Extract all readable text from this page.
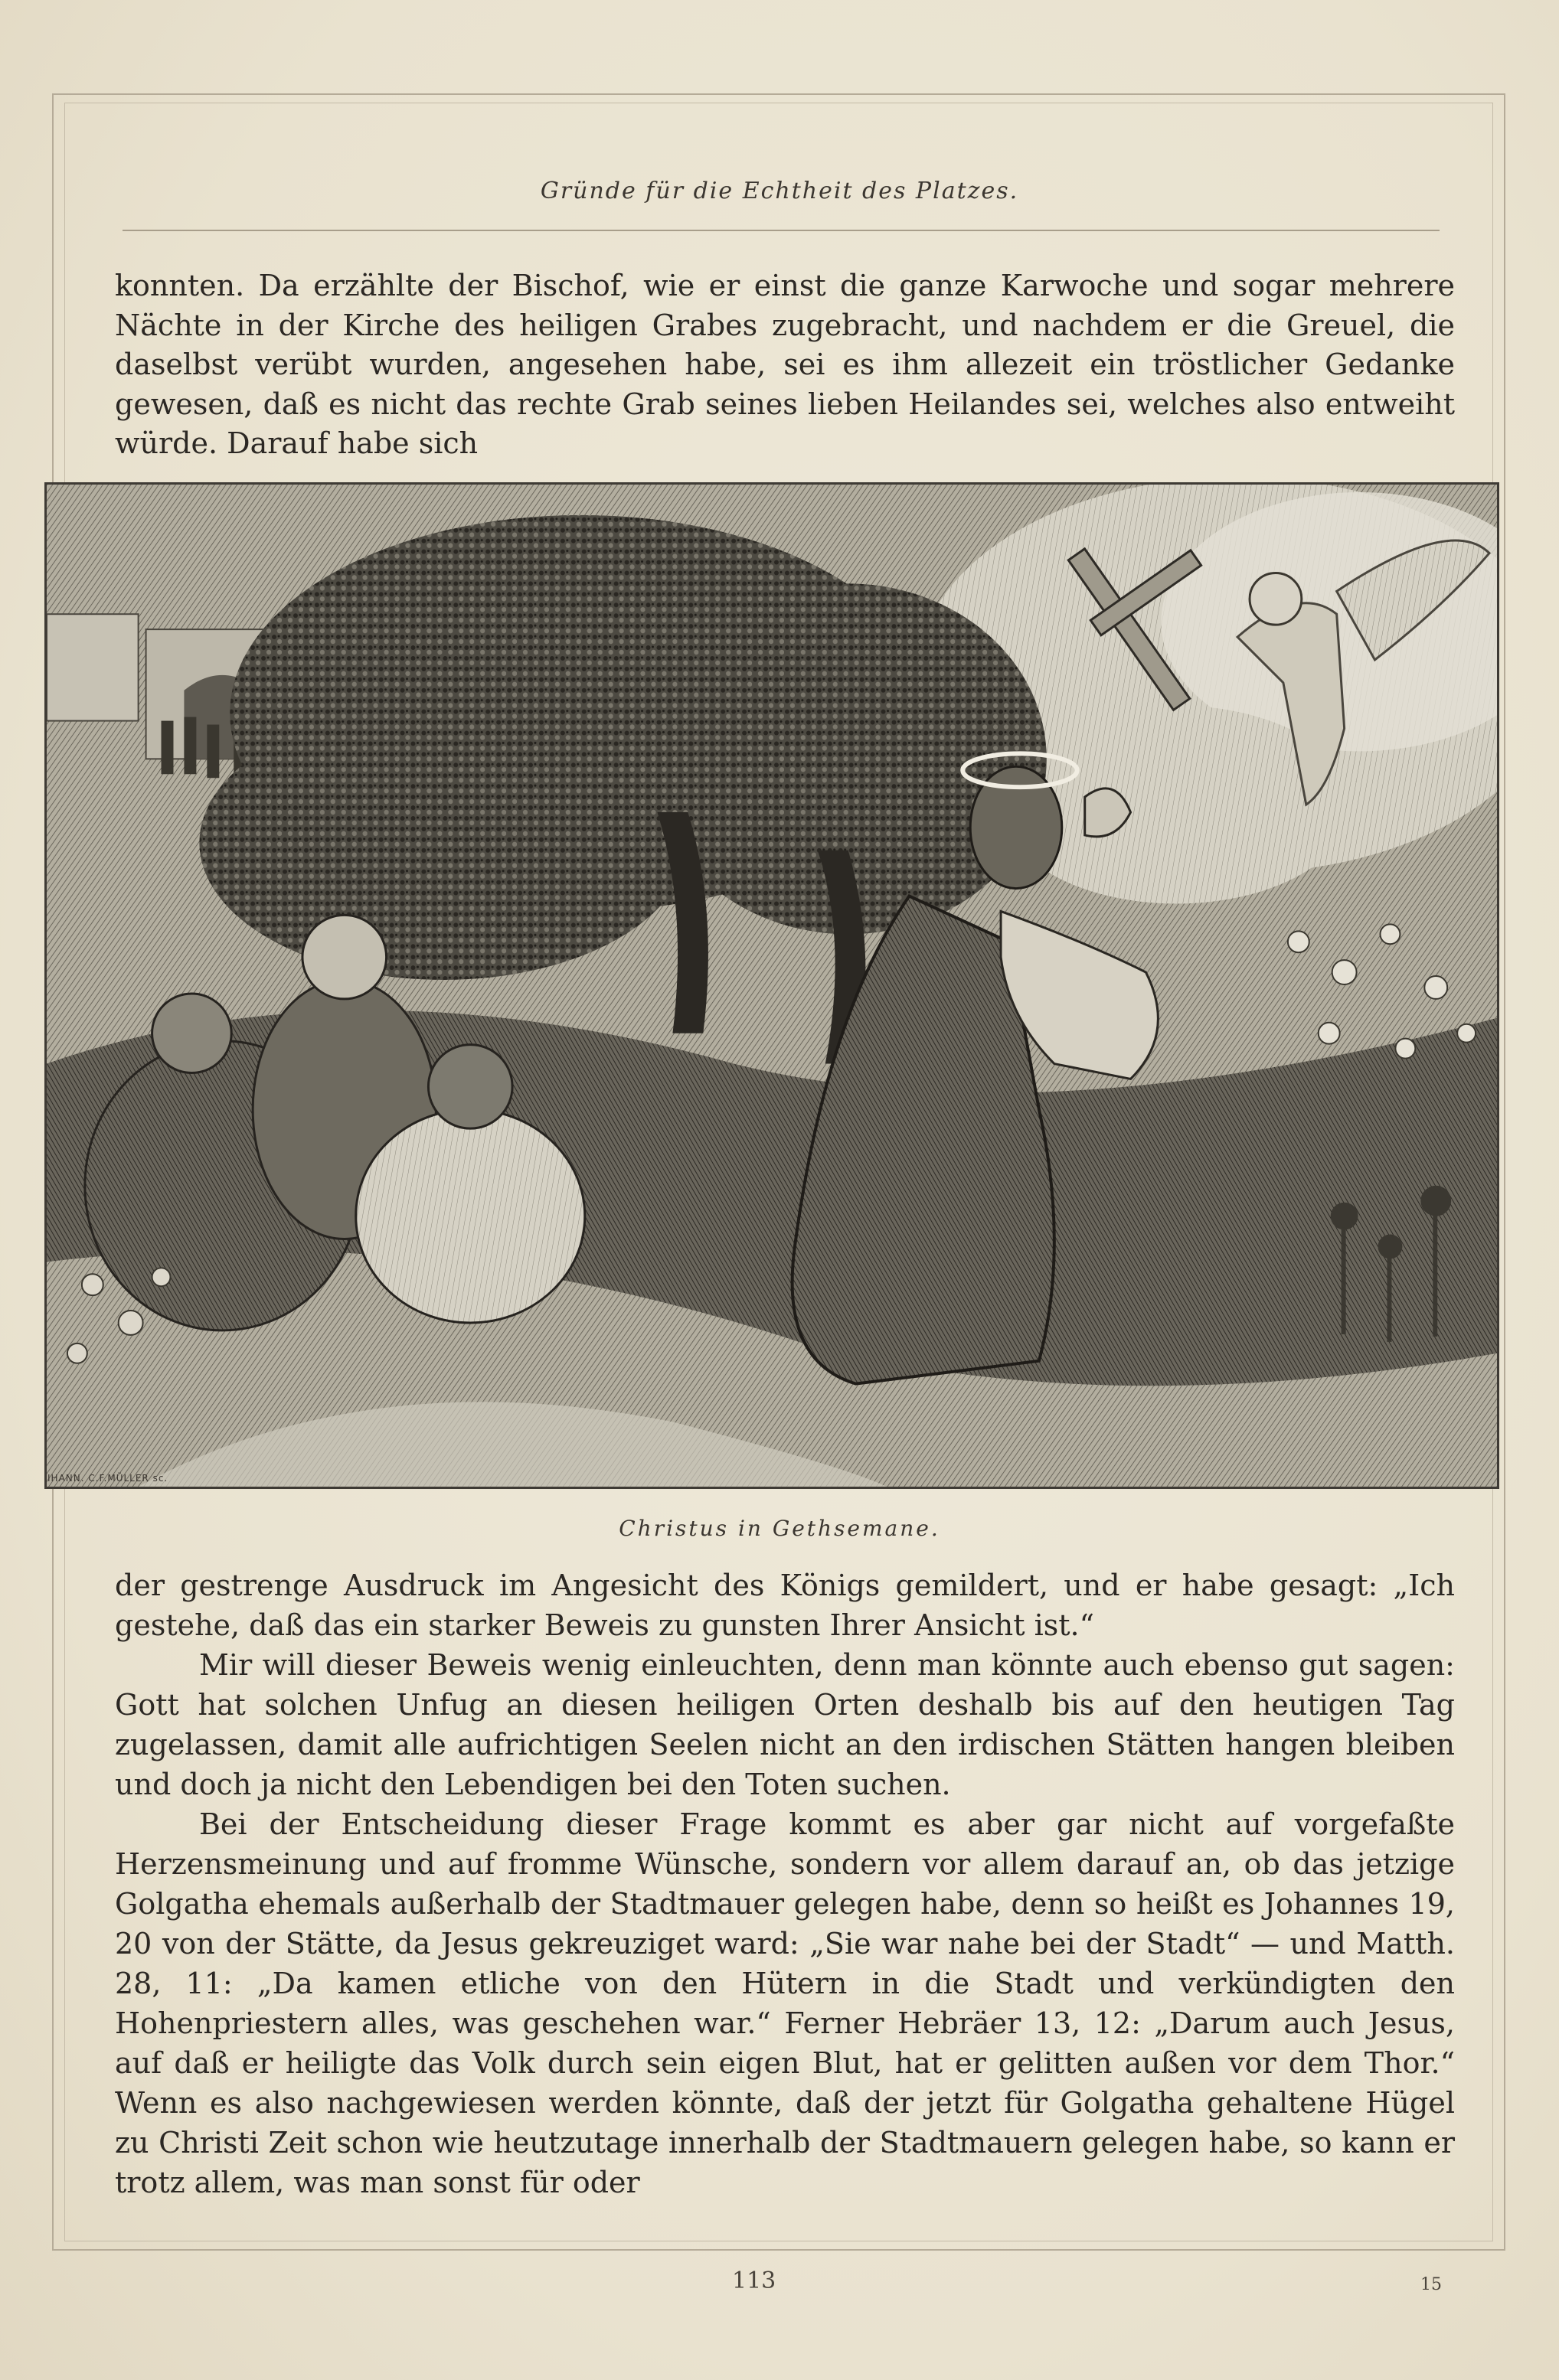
Gründe für die Echtheit des Platzes.

konnten. Da erzählte der Bischof, wie er einst die ganze Karwoche und sogar mehrere Nächte in der Kirche des heiligen Grabes zugebracht, und nachdem er die Greuel, die daselbst verübt wurden, angesehen habe, sei es ihm allezeit ein tröstlicher Gedanke gewesen, daß es nicht das rechte Grab seines lieben Heilandes sei, welches also entweiht würde. Darauf habe sich

IHANN. C.F.MÜLLER sc.
Christus in Gethsemane.

der gestrenge Ausdruck im Angesicht des Königs gemildert, und er habe gesagt: „Ich gestehe, daß das ein starker Beweis zu gunsten Ihrer Ansicht ist.“

Mir will dieser Beweis wenig einleuchten, denn man könnte auch ebenso gut sagen: Gott hat solchen Unfug an diesen heiligen Orten deshalb bis auf den heutigen Tag zugelassen, damit alle aufrichtigen Seelen nicht an den irdischen Stätten hangen bleiben und doch ja nicht den Lebendigen bei den Toten suchen.

Bei der Entscheidung dieser Frage kommt es aber gar nicht auf vorgefaßte Herzensmeinung und auf fromme Wünsche, sondern vor allem darauf an, ob das jetzige Golgatha ehemals außerhalb der Stadtmauer gelegen habe, denn so heißt es Johannes 19, 20 von der Stätte, da Jesus gekreuziget ward: „Sie war nahe bei der Stadt“ — und Matth. 28, 11: „Da kamen etliche von den Hütern in die Stadt und verkündigten den Hohenpriestern alles, was geschehen war.“ Ferner Hebräer 13, 12: „Darum auch Jesus, auf daß er heiligte das Volk durch sein eigen Blut, hat er gelitten außen vor dem Thor.“ Wenn es also nachgewiesen werden könnte, daß der jetzt für Golgatha gehaltene Hügel zu Christi Zeit schon wie heutzutage innerhalb der Stadtmauern gelegen habe, so kann er trotz allem, was man sonst für oder

113	15
